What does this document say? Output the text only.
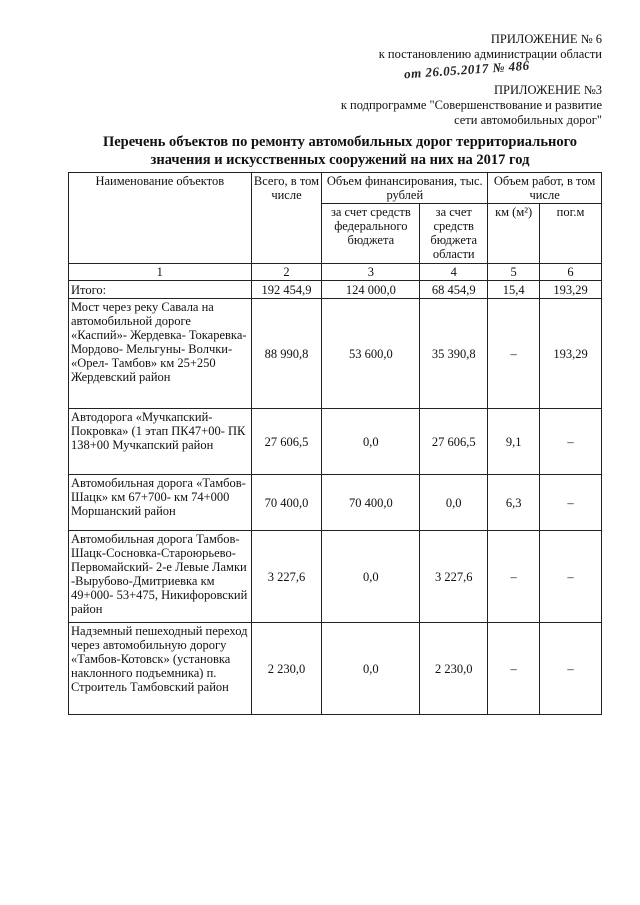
ПРИЛОЖЕНИЕ № 6
к постановлению администрации области
от 26.05.2017 № 486
ПРИЛОЖЕНИЕ №3
к подпрограмме "Совершенствование и развитие
сети автомобильных дорог"
Перечень объектов по ремонту автомобильных дорог территориального
значения и искусственных сооружений на них на 2017 год
Наименование объектов	Всего, в том числе	Объем финансирования, тыс. рублей		Объем работ, в том числе	
		за счет средств федерального бюджета	за счет средств бюджета области	км (м²)	пог.м
1	2	3	4	5	6
Итого:	192 454,9	124 000,0	68 454,9	15,4	193,29
Мост через реку Савала на автомобильной дороге «Каспий»- Жердевка- Токаревка- Мордово- Мельгуны- Волчки- «Орел- Тамбов» км 25+250 Жердевский район	88 990,8	53 600,0	35 390,8	–	193,29
Автодорога «Мучкапский- Покровка» (1 этап ПК47+00- ПК 138+00 Мучкапский район	27 606,5	0,0	27 606,5	9,1	–
Автомобильная дорога «Тамбов- Шацк» км 67+700- км 74+000 Моршанский район	70 400,0	70 400,0	0,0	6,3	–
Автомобильная дорога Тамбов- Шацк-Сосновка-Староюрьево- Первомайский- 2-е Левые Ламки -Вырубово-Дмитриевка км 49+000- 53+475, Никифоровский район	3 227,6	0,0	3 227,6	–	–
Надземный пешеходный переход через автомобильную дорогу «Тамбов-Котовск» (установка наклонного подъемника) п. Строитель Тамбовский район	2 230,0	0,0	2 230,0	–	–
